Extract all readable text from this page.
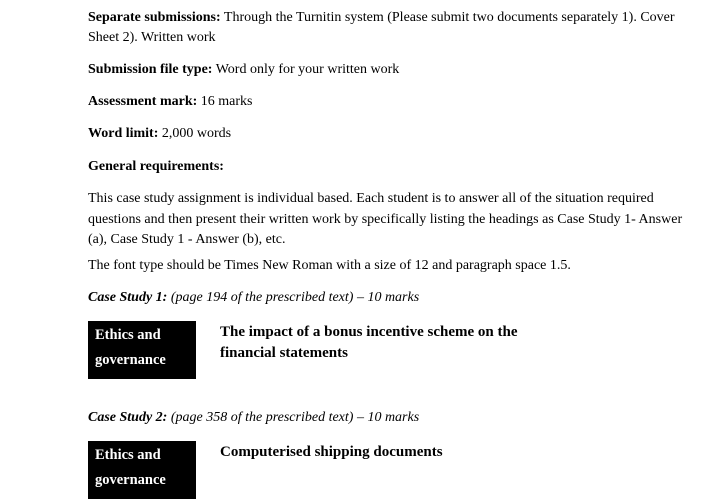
Separate submissions: Through the Turnitin system (Please submit two documents separately 1). Cover Sheet 2). Written work

Submission file type: Word only for your written work

Assessment mark: 16 marks

Word limit: 2,000 words

General requirements:

This case study assignment is individual based. Each student is to answer all of the situation required questions and then present their written work by specifically listing the headings as Case Study 1- Answer (a), Case Study 1 - Answer (b), etc.

The font type should be Times New Roman with a size of 12 and paragraph space 1.5.

Case Study 1: (page 194 of the prescribed text) – 10 marks

Ethics and
governance
The impact of a bonus incentive scheme on the financial statements

Case Study 2: (page 358 of the prescribed text) – 10 marks

Ethics and
governance
Computerised shipping documents
